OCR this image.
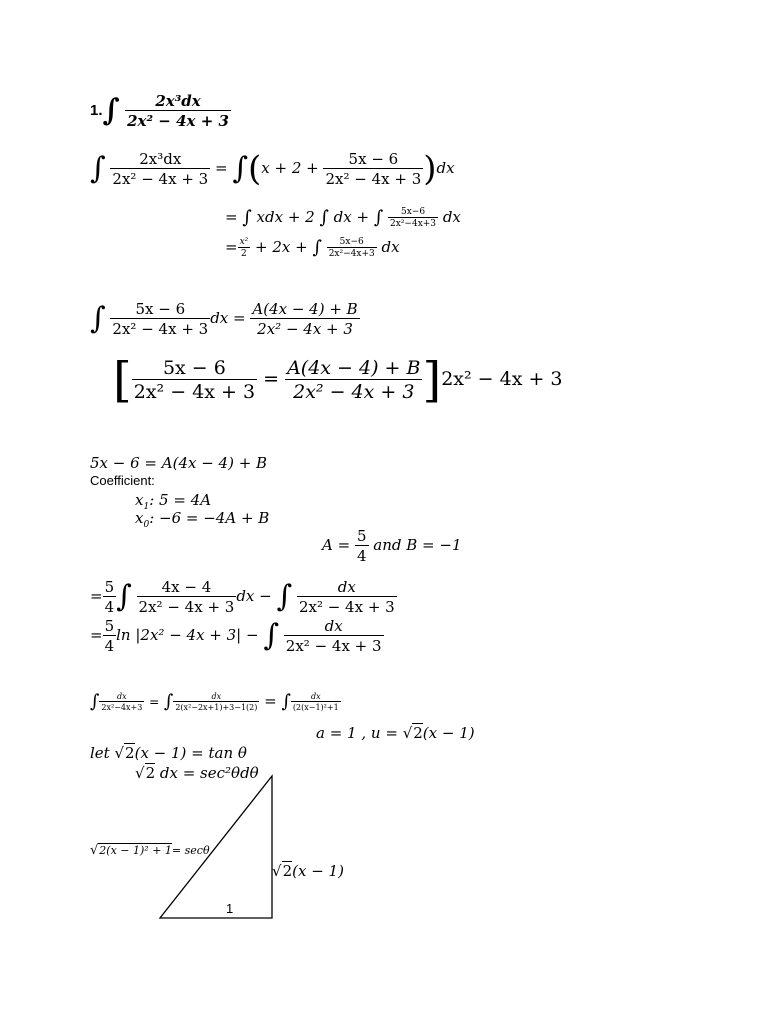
$1.\int \frac{\text{2x³dx}}{\text{2x² − 4x + 3}}$
∫ $\frac{\text{2x³dx}}{\text{2x² − 4x + 3}} = \int(x + 2 + \frac{5x - 6}{\text{2x² − 4x + 3}} )dx$
= ∫ xdx + 2 ∫ dx + ∫ $\frac{5x-6}{\text{2x²−4x+3}}$ dx
= $\frac{\text{x²}}{2} + 2x$ + ∫ $\frac{5x-6}{\text{2x²−4x+3}}$ dx
∫ $\frac{5x - 6}{\text{2x² − 4x + 3}}$ dx = $\frac{A(4x - 4) + B}{\text{2x² − 4x + 3}}$
[ $\frac{5x - 6}{\text{2x² − 4x + 3}} = \frac{A(4x - 4) + B}{\text{2x² − 4x + 3}} ]2x^2 - 4x + 3$
5x − 6 = A(4x − 4) + B
Coefficient:
$x_1$: 5 = 4A
$x_0$: −6 = −4A + B
$A = \frac{5}{4}$ and B = −1
= $\frac{5}{4}$ ∫ $\frac{4x - 4}{\text{2x² − 4x + 3}}$ dx − ∫ $\frac{dx}{\text{2x² − 4x + 3}}$
= $\frac{5}{4}$ ln |2x² − 4x + 3| − ∫ $\frac{dx}{\text{2x² − 4x + 3}}$
∫ $\frac{dx}{\text{2x²−4x+3}}$ = ∫ $\frac{dx}{\text{2(x²−2x+1)+3−1(2)}}$ = ∫ $\frac{dx}{\text{(2(x−1)²+1}}$
a = 1 , u = √2(x − 1)
let √2(x − 1) = tan θ
√2 dx = sec²θdθ
√2(x − 1)² + 1= secθ
√2(x − 1)
1
